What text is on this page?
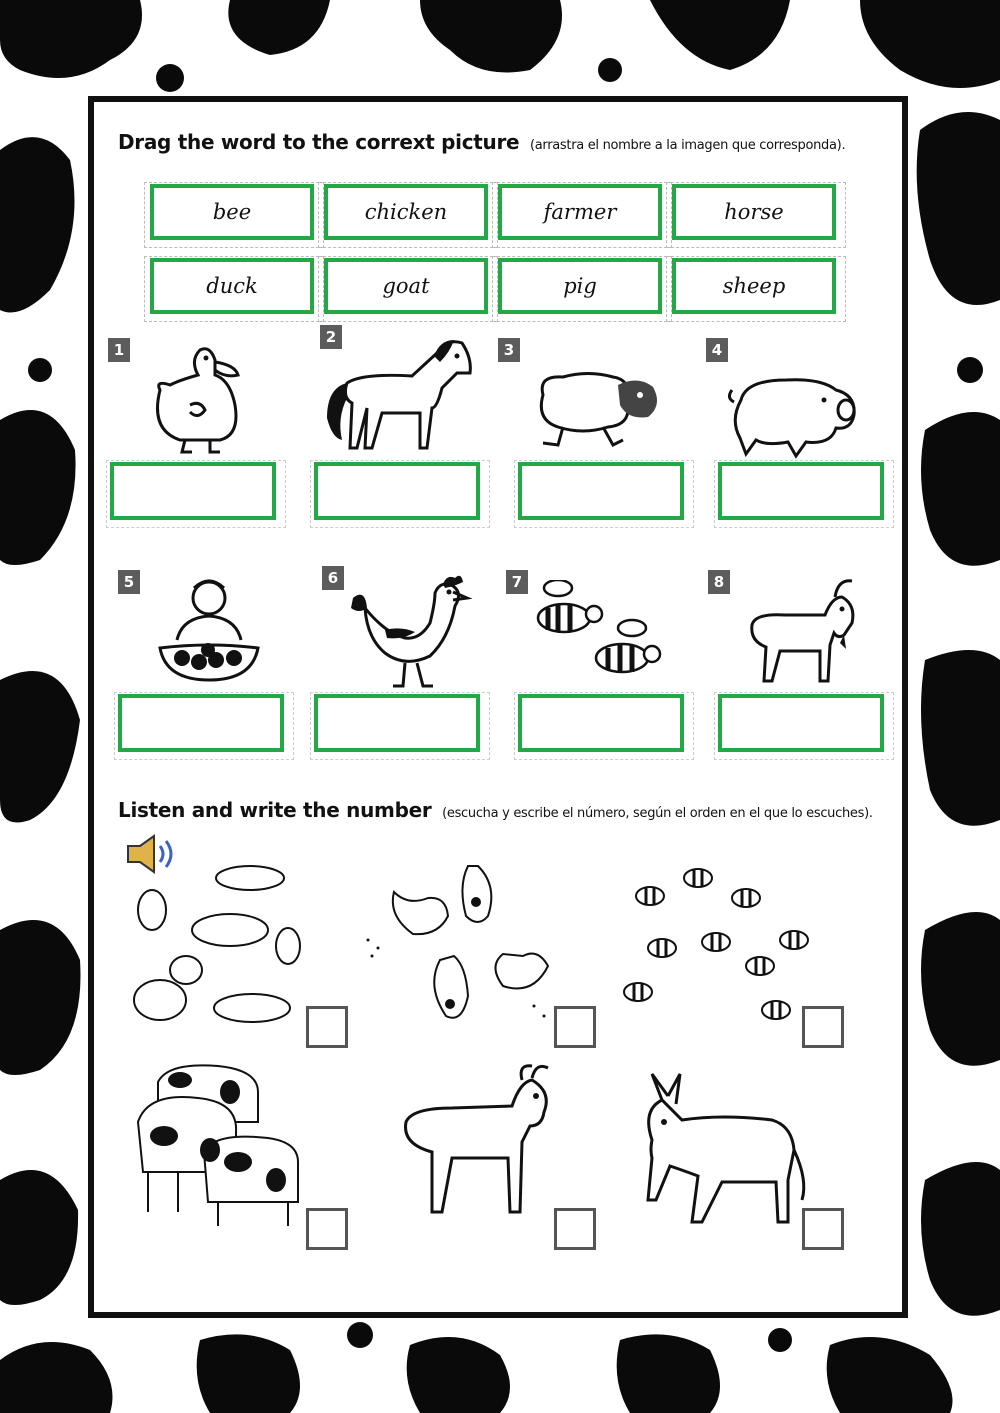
Drag the word to the corrext picture (arrastra el nombre a la imagen que corresponda).
bee	chicken	farmer	horse
duck	goat	pig	sheep
1
2
3	4
5	6	7	8
Listen and write the number (escucha y escribe el número, según el orden en el que lo escuches).
